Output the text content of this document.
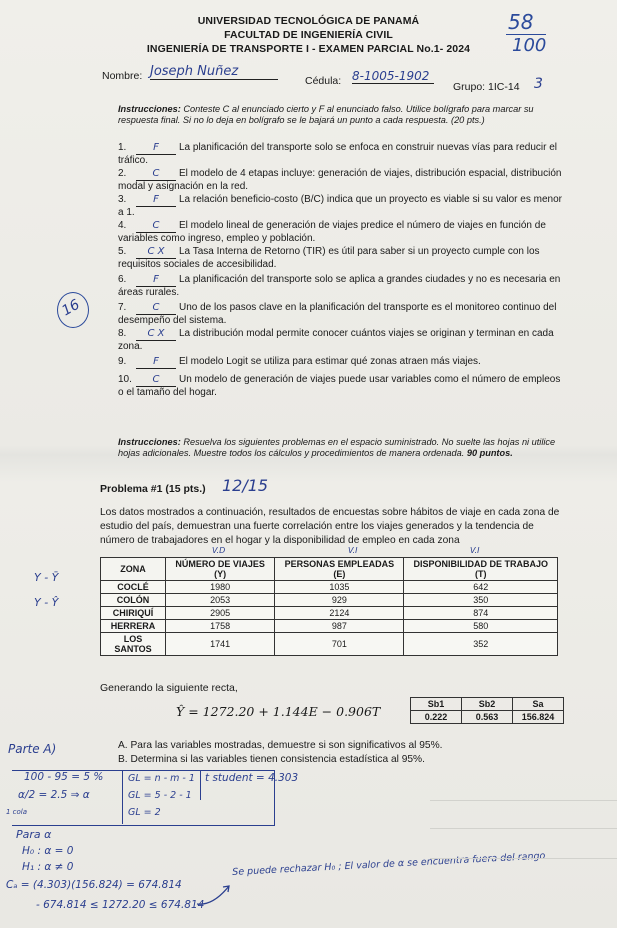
UNIVERSIDAD TECNOLÓGICA DE PANAMÁ
FACULTAD DE INGENIERÍA CIVIL
INGENIERÍA DE TRANSPORTE I - EXAMEN PARCIAL No.1- 2024
58
100
Nombre: Joseph Nuñez
Cédula: 8-1005-1902
Grupo: 1IC-14 3
Instrucciones: Conteste C al enunciado cierto y F al enunciado falso. Utilice bolígrafo para marcar su respuesta final. Si no lo deja en bolígrafo se le bajará un punto a cada respuesta. (20 pts.)
16
1.	F La planificación del transporte solo se enfoca en construir nuevas vías para reducir el tráfico.
2.	C El modelo de 4 etapas incluye: generación de viajes, distribución espacial, distribución modal y asignación en la red.
3.	F La relación beneficio-costo (B/C) indica que un proyecto es viable si su valor es menor a 1.
4.	C El modelo lineal de generación de viajes predice el número de viajes en función de variables como ingreso, empleo y población.
5. C X La Tasa Interna de Retorno (TIR) es útil para saber si un proyecto cumple con los requisitos sociales de accesibilidad.
6.	F La planificación del transporte solo se aplica a grandes ciudades y no es necesaria en áreas rurales.
7.	C Uno de los pasos clave en la planificación del transporte es el monitoreo continuo del desempeño del sistema.
8. C X La distribución modal permite conocer cuántos viajes se originan y terminan en cada zona.
9.	F El modelo Logit se utiliza para estimar qué zonas atraen más viajes.
10. C Un modelo de generación de viajes puede usar variables como el número de empleos o el tamaño del hogar.
Instrucciones: Resuelva los siguientes problemas en el espacio suministrado. No suelte las hojas ni utilice hojas adicionales. Muestre todos los cálculos y procedimientos de manera ordenada. 90 puntos.
Problema #1 (15 pts.) 12/15
Los datos mostrados a continuación, resultados de encuestas sobre hábitos de viaje en cada zona de estudio del país, demuestran una fuerte correlación entre los viajes generados y la tendencia de número de trabajadores en el hogar y la disponibilidad de empleo en cada zona
Y - Ȳ
Y - Ŷ
V.D	V.I	V.I
ZONA	NÚMERO DE VIAJES (Y)	PERSONAS EMPLEADAS (E)	DISPONIBILIDAD DE TRABAJO (T)
COCLÉ	1980	1035	642
COLÓN	2053	929	350
CHIRIQUÍ	2905	2124	874
HERRERA	1758	987	580
LOS SANTOS	1741	701	352
Generando la siguiente recta,
Ŷ = 1272.20 + 1.144E − 0.906T	Sb1	Sb2	Sa
0.222	0.563	156.824
A. Para las variables mostradas, demuestre si son significativos al 95%.
B. Determina si las variables tienen consistencia estadística al 95%.
Parte A)
100 - 95 = 5 %
α/2 = 2.5 ⇒ α
1 cola
GL = n - m - 1
GL = 5 - 2 - 1
GL = 2
t student = 4.303
Para α
H₀ : α = 0
H₁ : α ≠ 0
Cₐ = (4.303)(156.824) = 674.814
- 674.814 ≤ 1272.20 ≤ 674.814
Se puede rechazar H₀ ; El valor de α se encuentra fuera del rango
